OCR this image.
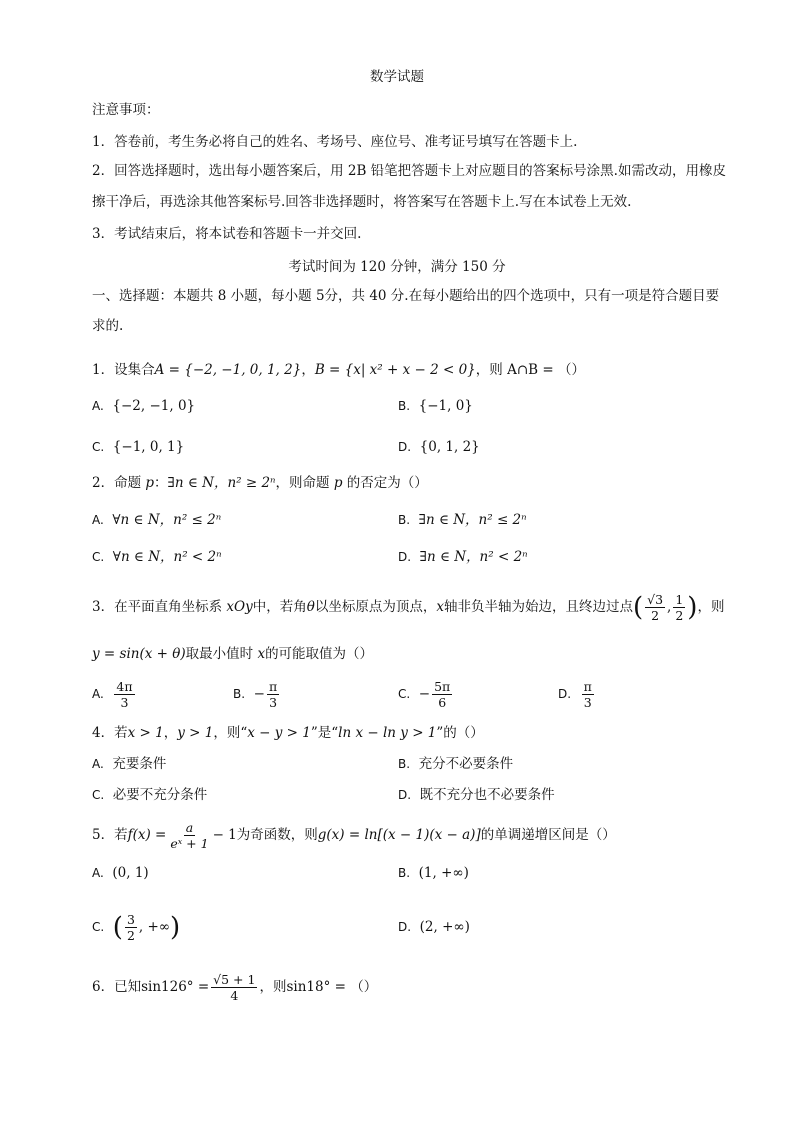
数学试题
注意事项：
1．答卷前，考生务必将自己的姓名、考场号、座位号、准考证号填写在答题卡上.
2．回答选择题时，选出每小题答案后，用 2B 铅笔把答题卡上对应题目的答案标号涂黑.如需改动，用橡皮
擦干净后，再选涂其他答案标号.回答非选择题时，将答案写在答题卡上.写在本试卷上无效.
3．考试结束后，将本试卷和答题卡一并交回.
考试时间为 120 分钟，满分 150 分
一、选择题：本题共 8 小题，每小题 5分，共 40 分.在每小题给出的四个选项中，只有一项是符合题目要
求的.
1．设集合A = {−2, −1, 0, 1, 2}，B = {x| x² + x − 2 < 0}，则 A∩B = （）
A. {−2, −1, 0}	B. {−1, 0}
C. {−1, 0, 1}	D. {0, 1, 2}
2．命题 p：∃n ∈ N，n² ≥ 2ⁿ，则命题 p 的否定为（）
A. ∀n ∈ N，n² ≤ 2ⁿ	B. ∃n ∈ N，n² ≤ 2ⁿ
C. ∀n ∈ N，n² < 2ⁿ	D. ∃n ∈ N，n² < 2ⁿ
3．在平面直角坐标系 xOy中，若角θ以坐标原点为顶点，x轴非负半轴为始边，且终边过点( $\frac{√3}{2}$ , $\frac{1}{2}$ )，则
y = sin(x + θ)取最小值时 x的可能取值为（）
A. $\frac{4\pi}{3}$	B. − $\frac{\pi}{3}$	C. − $\frac{5\pi}{6}$	D. $\frac{\pi}{3}$
4．若x > 1，y > 1，则“x − y > 1”是“ln x − ln y > 1”的（）
A. 充要条件	B. 充分不必要条件
C. 必要不充分条件	D. 既不充分也不必要条件
5．若$f(x) = \frac{a}{\text{eˣ + 1}} - 1$为奇函数，则g(x) = ln[(x − 1)(x − a)]的单调递增区间是（）
A. (0, 1)	B. (1, +∞)
C. ( $\frac{3}{2}$ , +∞)	D. (2, +∞)
6．已知$\sin 126^\circ = \frac{√5 + 1}{4}$ ，则sin18° = （）
